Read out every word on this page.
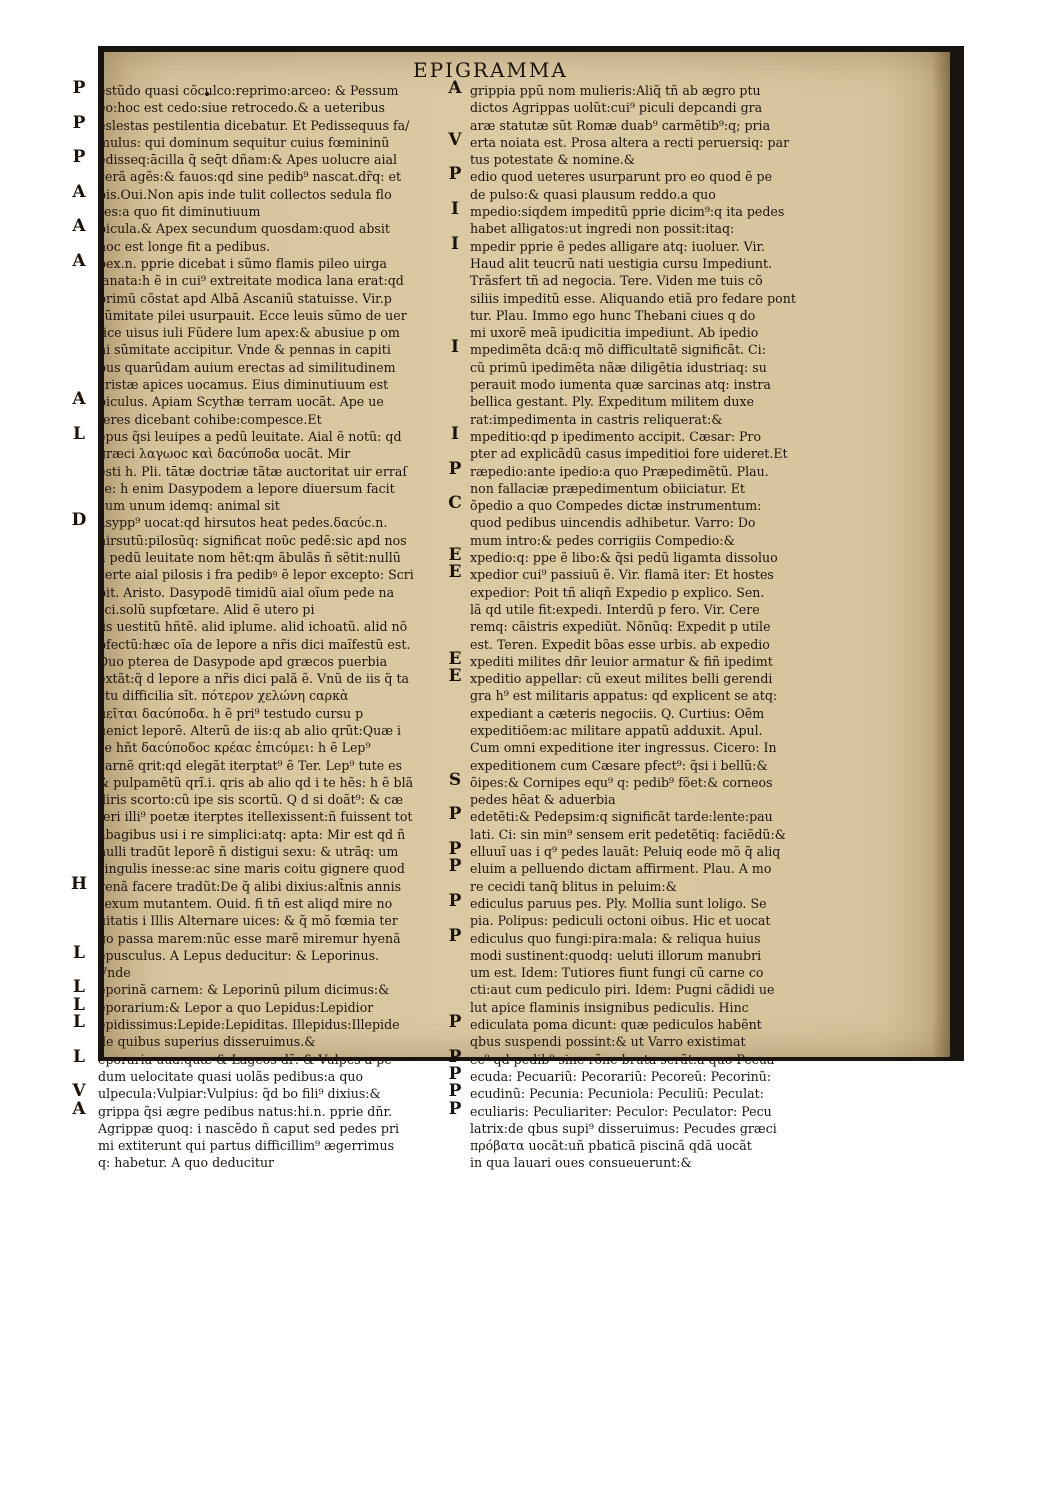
EPIGRAMMA
P estũdo quasi cõculco:reprimo:arceo: & Pessum
eo:hoc est cedo:siue retrocedo.& a ueteribus
P eslestas pestilentia dicebatur. Et Pedissequus fa/
mulus: qui dominum sequitur cuius fœmininũ
P edisseq:ācilla q̃ seq̄t dñam:& Apes uolucre aial
cerã agẽs:& fauos:qd sine pedib⁹ nascat.dr̃q: et
A pis.Oui.Non apis inde tulit collectos sedula flo
res:a quo fit diminutiuum
A picula.& Apex secundum quosdam:quod absit
hoc est longe fit a pedibus.
A pex.n. pprie dicebat i sũmo flamis pileo uirga
lanata:h ẽ in cui⁹ extreitate modica lana erat:qd
primũ cõstat apd Albã Ascaniũ statuisse. Vir.p
sũmitate pilei usurpauit. Ecce leuis sũmo de uer
tice uisus iuli Fũdere lum apex:& abusiue p om
ni sũmitate accipitur. Vnde & pennas in capiti
bus quarũdam auium erectas ad similitudinem
cristæ apices uocamus. Eius diminutiuum est
A piculus. Apiam Scythæ terram uocãt. Ape ue
teres dicebant cohibe:compesce.Et
L epus q̃si leuipes a pedũ leuitate. Aial ẽ notũ: qd
græci λαγωοϲ καὶ δαϲύποδα uocãt. Mir
esti h. Pli. tātæ doctriæ tãtæ auctoritat uir erraſ
se: h enim Dasypodem a lepore diuersum facit
cum unum idemq: animal sit
D asypp⁹ uocat:qd hirsutos heat pedes.δαϲύϲ.n.
hirsutũ:pilosũq: significat ποῦϲ pedẽ:sic apd nos
a pedũ leuitate nom hẽt:qm ãbulãs ñ sẽtit:nullũ
certe aial pilosis i fra pedibꝰ ẽ lepor excepto: Scri
bit. Aristo. Dasypodẽ timidũ aial oĩum pede na
sci.solũ supfœtare. Alid ẽ utero pi
lis uestitũ hñtẽ. alid iplume. alid ichoatũ. alid nõ
pfectũ:hæc oĩa de lepore a nr̃is dici maĩfestũ est.
Duo pterea de Dasypode apd græcos puerbia
extãt:q̃ d lepore a nr̃is dici palã ẽ. Vnũ de iis q̃ ta
ctu difficilia sĩt. πότερον χελώνη ϲαρκὰ
μεῖται δαϲύποδα. h ẽ pri⁹ testudo cursu p
uenict leporẽ. Alterũ de iis:q ab alio qrũt:Quæ i
se hñt δαϲύποδοϲ κρέαϲ ἐπιϲύμει: h ẽ Lep⁹
carnẽ qrit:qd elegãt iterptat⁹ ẽ Ter. Lep⁹ tute es
& pulpamẽtũ qrĩ.i. qris ab alio qd i te hẽs: h ẽ blã
diris scorto:cũ ipe sis scortũ. Q d si doãt⁹: & cæ
teri illi⁹ poetæ iterptes itellexissent:ñ fuissent tot
ãbagibus usi i re simplici:atq: apta: Mir est qd ñ
nulli tradũt leporẽ ñ distigui sexu: & utrãq: um
singulis inesse:ac sine maris coitu gignere quod
H yenã facere tradũt:De q̃ alibi dixius:alt̃nis annis
sexum mutantem. Ouid. fi tñ est aliqd mire no
uitatis i Illis Alternare uices: & q̃ mõ fœmia ter
go passa marem:nũc esse marẽ miremur hyenã
L epusculus. A Lepus deducitur: & Leporinus.
Vnde
L eporinã carnem: & Leporinũ pilum dicimus:&
L eporarium:& Lepor a quo Lepidus:Lepidior
L epidissimus:Lepide:Lepiditas. Illepidus:Illepide
de quibus superius disseruimus.&
L eporaria uua:quæ & Lageos dr̃: & Vulpes a pe
dum uelocitate quasi uolãs pedibus:a quo
V ulpecula:Vulpiar:Vulpius: q̃d bo fili⁹ dixius:&
A grippa q̃si ægre pedibus natus:hi.n. pprie dñr.
Agrippæ quoq: i nascẽdo ñ caput sed pedes pri
mi extiterunt qui partus difficillim⁹ ægerrimus
q: habetur. A quo deducitur
A grippia ppũ nom mulieris:Aliq̃ tñ ab ægro ptu
dictos Agrippas uolũt:cui⁹ piculi depcandi gra
aræ statutæ sũt Romæ duab⁹ carmẽtib⁹:q; pria
V erta noiata est. Prosa altera a recti peruersiq: par
tus potestate & nomine.&
P edio quod ueteres usurparunt pro eo quod ẽ pe
de pulso:& quasi plausum reddo.a quo
I mpedio:siqdem impeditũ pprie dicim⁹:q ita pedes
habet alligatos:ut ingredi non possit:itaq:
I mpedir pprie ẽ pedes alligare atq: iuoluer. Vir.
Haud alit teucrũ nati uestigia cursu Impediunt.
Trãsfert tñ ad negocia. Tere. Viden me tuis cõ
siliis impeditũ esse. Aliquando etiã pro fedare pont
tur. Plau. Immo ego hunc Thebani ciues q do
mi uxorẽ meã ipudicitia impediunt. Ab ipedio
I mpedimẽta dcã:q mõ difficultatẽ significãt. Ci:
cũ primũ ipedimẽta nãæ diligẽtia idustriaq: su
perauit modo iumenta quæ sarcinas atq: instra
bellica gestant. Ply. Expeditum militem duxe
rat:impedimenta in castris reliquerat:&
I mpeditio:qd p ipedimento accipit. Cæsar: Pro
pter ad explicãdũ casus impeditioi fore uideret.Et
P ræpedio:ante ipedio:a quo Præpedimẽtũ. Plau.
non fallaciæ præpedimentum obiiciatur. Et
C õpedio a quo Compedes dictæ instrumentum:
quod pedibus uincendis adhibetur. Varro: Do
mum intro:& pedes corrigiis Compedio:&
E xpedio:q: ppe ẽ libo:& q̃si pedũ ligamta dissoluo
E xpedior cui⁹ passiuũ ẽ. Vir. flamã iter: Et hostes
expedior: Poit tñ aliqñ Expedio p explico. Sen.
lã qd utile fit:expedi. Interdũ p fero. Vir. Cere
remq: cãistris expediũt. Nõnũq: Expedit p utile
est. Teren. Expedit bõas esse urbis. ab expedio
E xpediti milites dñr leuior armatur & fiñ ipedimt
E xpeditio appellar: cũ exeut milites belli gerendi
gra h⁹ est militaris appatus: qd explicent se atq:
expediant a cæteris negociis. Q. Curtius: Oẽm
expeditiõem:ac militare appatũ adduxit. Apul.
Cum omni expeditione iter ingressus. Cicero: In
expeditionem cum Cæsare pfect⁹: q̃si i bellũ:&
S õipes:& Cornipes equ⁹ q: pedib⁹ fõet:& corneos
pedes hẽat & aduerbia
P edetẽti:& Pedepsim:q significãt tarde:lente:pau
lati. Ci: sin min⁹ sensem erit pedetẽtiq: faciẽdũ:&
P elluuĩ uas i q⁹ pedes lauãt: Peluiq eode mõ q̃ aliq
P eluim a pelluendo dictam affirment. Plau. A mo
re cecidi tanq̃ blitus in peluim:&
P ediculus paruus pes. Ply. Mollia sunt loligo. Se
pia. Polipus: pediculi octoni oibus. Hic et uocat
P ediculus quo fungi:pira:mala: & reliqua huius
modi sustinent:quodq: ueluti illorum manubri
um est. Idem: Tutiores fiunt fungi cũ carne co
cti:aut cum pediculo piri. Idem: Pugni cãdidi ue
lut apice flaminis insignibus pediculis. Hinc
P ediculata poma dicunt: quæ pediculos habẽnt
qbus suspendi possint:& ut Varro existimat
P ec⁹ qd pedib⁹ sine rõne bruta serãt:a quo Pecua
P ecuda: Pecuariũ: Pecorariũ: Pecoreũ: Pecorinũ:
P ecudinũ: Pecunia: Pecuniola: Peculiũ: Peculat:
P eculiaris: Peculiariter: Peculor: Peculator: Pecu
latrix:de qbus supi⁹ disseruimus: Pecudes græci
πρόβατα uocãt:uñ pbaticã piscinã qdã uocãt
in qua lauari oues consueuerunt:&
